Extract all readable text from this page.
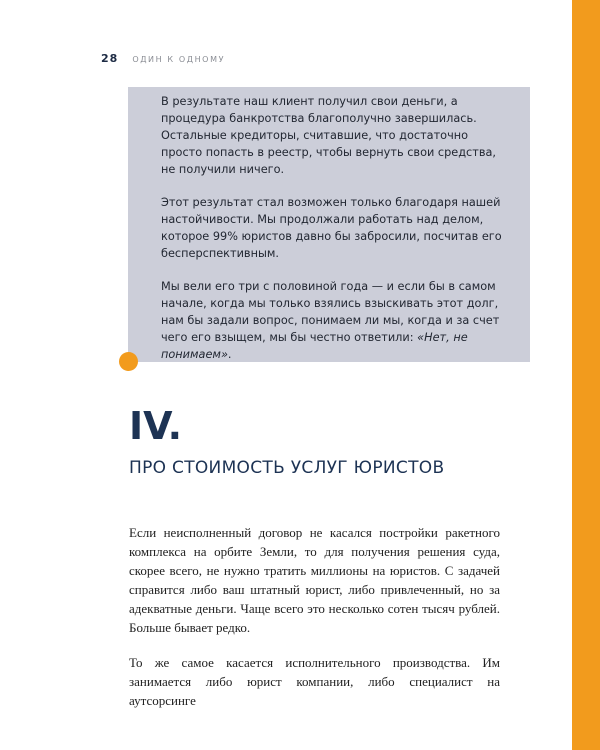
28 ОДИН К ОДНОМУ

В результате наш клиент получил свои деньги, а процедура банкротства благополучно завершилась. Остальные кредиторы, считавшие, что достаточно просто попасть в реестр, чтобы вернуть свои средства, не получили ничего.

Этот результат стал возможен только благодаря нашей настойчивости. Мы продолжали работать над делом, которое 99% юристов давно бы забросили, посчитав его бесперспективным.

Мы вели его три с половиной года — и если бы в самом начале, когда мы только взялись взыскивать этот долг, нам бы задали вопрос, понимаем ли мы, когда и за счет чего его взыщем, мы бы честно ответили: «Нет, не понимаем».

IV.
ПРО СТОИМОСТЬ УСЛУГ ЮРИСТОВ

Если неисполненный договор не касался постройки ракетного комплекса на орбите Земли, то для получения решения суда, скорее всего, не нужно тратить миллионы на юристов. С задачей справится либо ваш штатный юрист, либо привлеченный, но за адекватные деньги. Чаще всего это несколько сотен тысяч рублей. Больше бывает редко.

То же самое касается исполнительного производства. Им занимается либо юрист компании, либо специалист на аутсорсинге
